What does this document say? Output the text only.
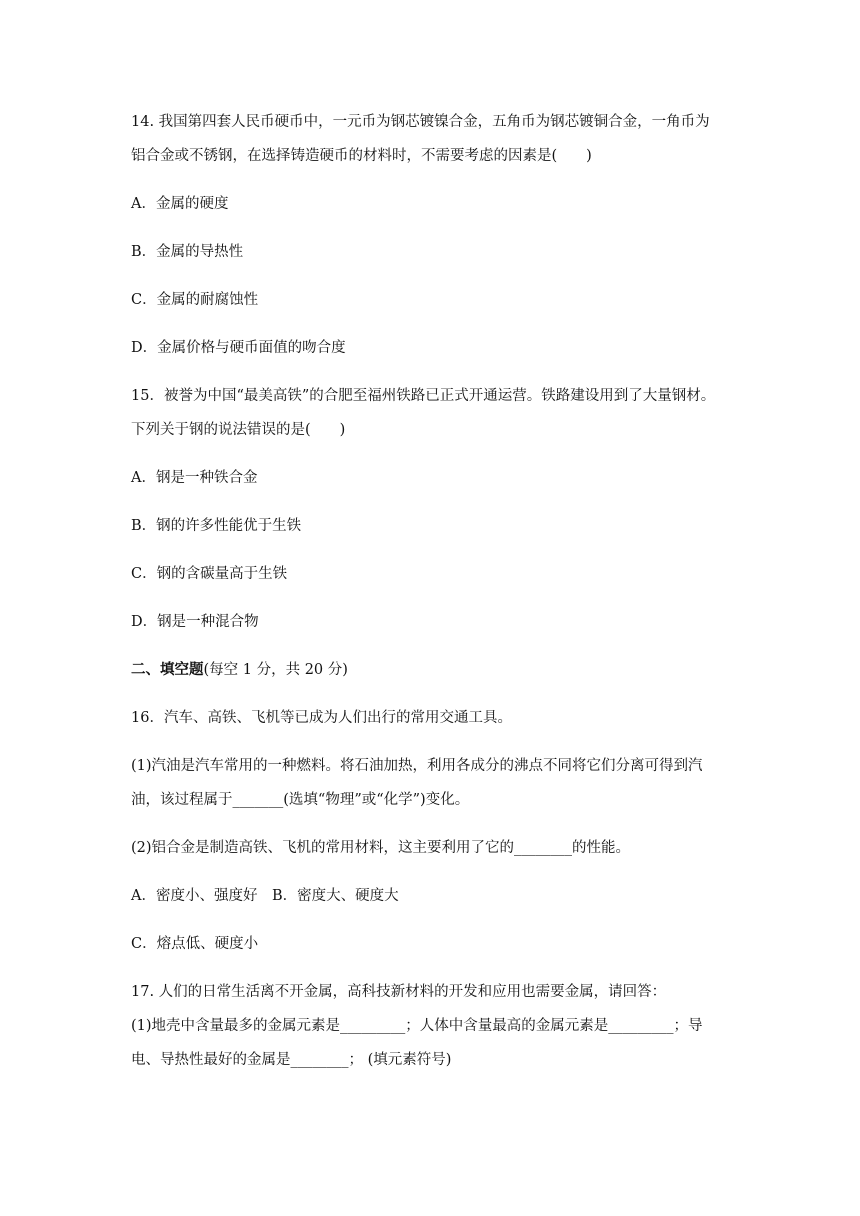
14. 我国第四套人民币硬币中，一元币为钢芯镀镍合金，五角币为钢芯镀铜合金，一角币为
铝合金或不锈钢，在选择铸造硬币的材料时，不需要考虑的因素是(　　)
A．金属的硬度
B．金属的导热性
C．金属的耐腐蚀性
D．金属价格与硬币面值的吻合度
15．被誉为中国“最美高铁”的合肥至福州铁路已正式开通运营。铁路建设用到了大量钢材。
下列关于钢的说法错误的是(　　)
A．钢是一种铁合金
B．钢的许多性能优于生铁
C．钢的含碳量高于生铁
D．钢是一种混合物
二、填空题(每空 1 分，共 20 分)
16．汽车、高铁、飞机等已成为人们出行的常用交通工具。
(1)汽油是汽车常用的一种燃料。将石油加热，利用各成分的沸点不同将它们分离可得到汽
油，该过程属于_______(选填“物理”或“化学”)变化。
(2)铝合金是制造高铁、飞机的常用材料，这主要利用了它的________的性能。
A．密度小、强度好　B．密度大、硬度大
C．熔点低、硬度小
17. 人们的日常生活离不开金属，高科技新材料的开发和应用也需要金属，请回答：
(1)地壳中含量最多的金属元素是_________；人体中含量最高的金属元素是_________；导
电、导热性最好的金属是________； (填元素符号)
